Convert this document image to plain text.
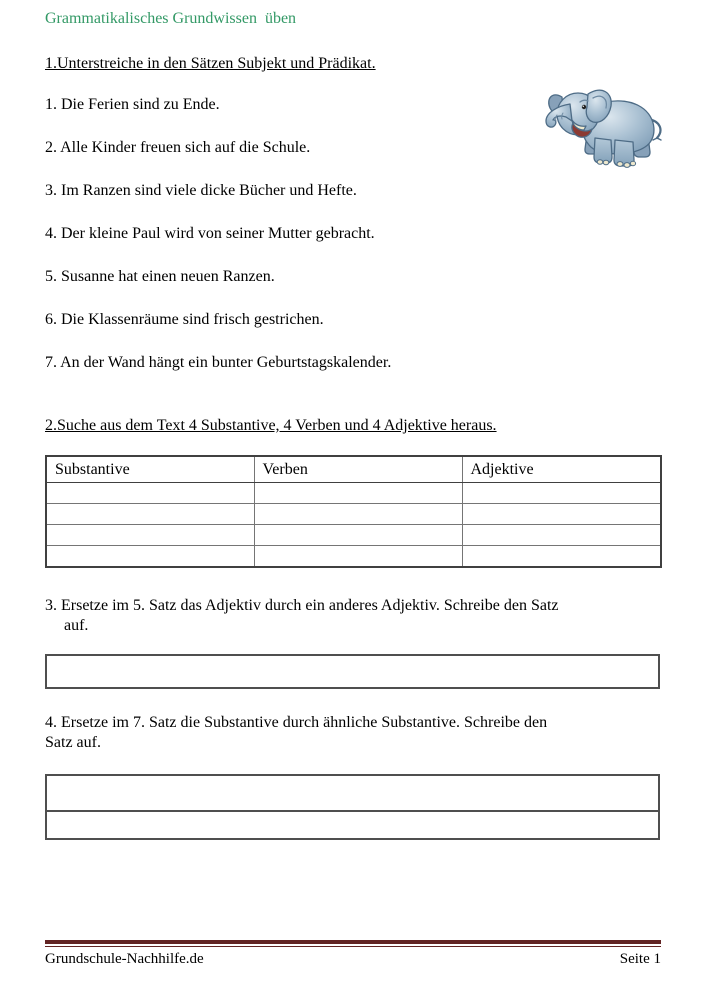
Grammatikalisches Grundwissen  üben

1.Unterstreiche in den Sätzen Subjekt und Prädikat.

1. Die Ferien sind zu Ende.

2. Alle Kinder freuen sich auf die Schule.

3. Im Ranzen sind viele dicke Bücher und Hefte.

4. Der kleine Paul wird von seiner Mutter gebracht.

5. Susanne hat einen neuen Ranzen.

6. Die Klassenräume sind frisch gestrichen.

7. An der Wand hängt ein bunter Geburtstagskalender.

2.Suche aus dem Text 4 Substantive, 4 Verben und 4 Adjektive heraus.

Substantive	Verben	Adjektive

3. Ersetze im 5. Satz das Adjektiv durch ein anderes Adjektiv. Schreibe den Satz
auf.

4. Ersetze im 7. Satz die Substantive durch ähnliche Substantive. Schreibe den
Satz auf.

Grundschule-Nachhilfe.de	Seite 1
